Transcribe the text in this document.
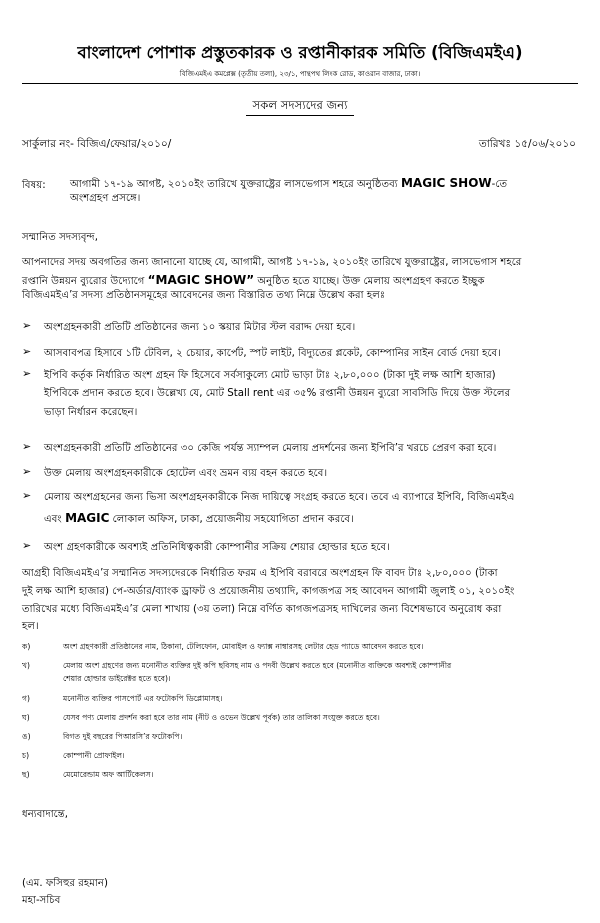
বাংলাদেশ পোশাক প্রস্তুতকারক ও রপ্তানীকারক সমিতি (বিজিএমইএ)
বিজিএমইএ কমপ্লেক্স (তৃতীয় তলা), ২৩/১, পান্থপথ লিংক রোড, কাওরান বাজার, ঢাকা।
সকল সদস্যদের জন্য
সার্কুলার নং- বিজিএ/ফেয়ার/২০১০/	তারিখঃ ১৫/০৬/২০১০
বিষয়: আগামী ১৭-১৯ আগষ্ট, ২০১০ইং তারিখে যুক্তরাষ্ট্রের লাসভেগাস শহরে অনুষ্ঠিতব্য MAGIC SHOW-তে
অংশগ্রহণ প্রসঙ্গে।
সম্মানিত সদস্যবৃন্দ,
আপনাদের সদয় অবগতির জন্য জানানো যাচ্ছে যে, আগামী, আগষ্ট ১৭-১৯, ২০১০ইং তারিখে যুক্তরাষ্ট্রের, লাসভেগাস শহরে
রপ্তানি উন্নয়ন ব্যুরোর উদ্যোগে “MAGIC SHOW” অনুষ্ঠিত হতে যাচ্ছে। উক্ত মেলায় অংশগ্রহণ করতে ইচ্ছুক
বিজিএমইএ’র সদস্য প্রতিষ্ঠানসমূহের আবেদনের জন্য বিস্তারিত তথ্য নিম্নে উল্লেখ করা হলঃ
➢ অংশগ্রহনকারী প্রতিটি প্রতিষ্ঠানের জন্য ১০ স্কয়ার মিটার স্টল বরাদ্দ দেয়া হবে।
➢ আসবাবপত্র হিসাবে ১টি টেবিল, ২ চেয়ার, কার্পেট, স্পট লাইট, বিদ্যুতের প্লকেট, কোম্পানির সাইন বোর্ড দেয়া হবে।
➢ ইপিবি কর্তৃক নির্ধারিত অংশ গ্রহন ফি হিসেবে সর্বসাকুল্যে মোট ভাড়া টাঃ ২,৮০,০০০ (টাকা দুই লক্ষ আশি হাজার)
ইপিবিকে প্রদান করতে হবে। উল্লেখ্য যে, মোট Stall rent এর ৩৫% রপ্তানী উন্নয়ন ব্যুরো সাবসিডি দিয়ে উক্ত স্টলের
ভাড়া নির্ধারন করেছেন।
➢ অংশগ্রহনকারী প্রতিটি প্রতিষ্ঠানের ৩০ কেজি পর্যন্ত স্যাম্পল মেলায় প্রদর্শনের জন্য ইপিবি’র খরচে প্রেরণ করা হবে।
➢ উক্ত মেলায় অংশগ্রহনকারীকে হোটেল এবং ভ্রমন ব্যয় বহন করতে হবে।
➢ মেলায় অংশগ্রহনের জন্য ভিসা অংশগ্রহনকারীকে নিজ দায়িত্বে সংগ্রহ করতে হবে। তবে এ ব্যাপারে ইপিবি, বিজিএমইএ
এবং MAGIC লোকাল অফিস, ঢাকা, প্রয়োজনীয় সহযোগিতা প্রদান করবে।
➢ অংশ গ্রহণকারীকে অবশ্যই প্রতিনিধিত্বকারী কোম্পানীর সক্রিয় শেয়ার হোল্ডার হতে হবে।
আগ্রহী বিজিএমইএ’র সম্মানিত সদস্যদেরকে নির্ধারিত ফরম এ ইপিবি বরাবরে অংশগ্রহন ফি বাবদ টাঃ ২,৮০,০০০ (টাকা
দুই লক্ষ আশি হাজার) পে-অর্ডার/ব্যাংক ড্রাফট ও প্রয়োজনীয় তথ্যাদি, কাগজপত্র সহ আবেদন আগামী জুলাই ০১, ২০১০ইং
তারিখের মধ্যে বিজিএমইএ’র মেলা শাখায় (৩য় তলা) নিম্নে বর্ণিত কাগজপত্রসহ দাখিলের জন্য বিশেষভাবে অনুরোধ করা
হল।
ক)	অংশ গ্রহণকারী প্রতিষ্ঠানের নাম, ঠিকানা, টেলিফোন, মোবাইল ও ফ্যাক্স নাম্বারসহ লেটার হেড প্যাডে আবেদন করতে হবে।
খ)	মেলায় অংশ গ্রহণের জন্য মনোনীত ব্যক্তির দুই কপি ছবিসহ নাম ও পদবী উল্লেখ করতে হবে (মনোনীত ব্যক্তিকে অবশ্যই কোম্পানীর
শেয়ার হোল্ডার ডাইরেক্টর হতে হবে)।
গ)	মনোনীত ব্যক্তির পাসপোর্ট এর ফটোকপি ডিপ্লোমাসহ।
ঘ)	যেসব পণ্য মেলায় প্রদর্শন করা হবে তার নাম (নীট ও ওভেন উল্লেখ পূর্বক) তার তালিকা সংযুক্ত করতে হবে।
ঙ)	বিগত দুই বছরের পিআরসি’র ফটোকপি।
চ)	কোম্পানী প্রোফাইল।
ছ)	মেমোরেন্ডাম অফ আর্টিকেলস।
ধন্যবাদান্তে,
(এম. ফসিহুর রহমান)
মহা-সচিব
